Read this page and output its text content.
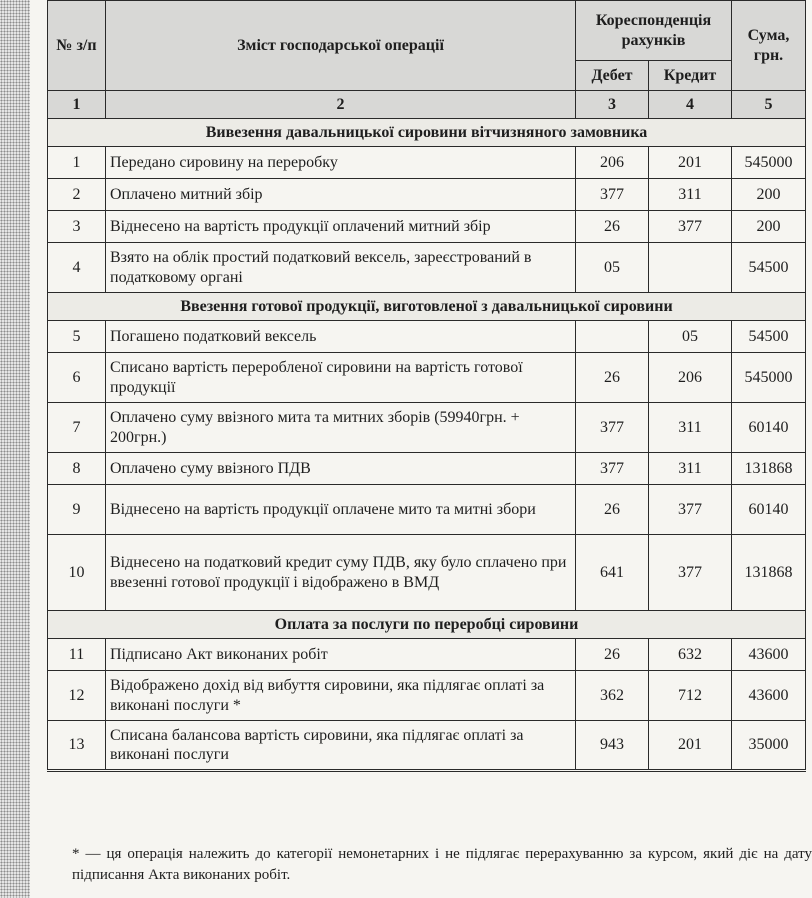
№ з/п	Зміст господарської операції	Кореспонденція рахунків		Сума, грн.
		Дебет	Кредит	
1	2	3	4	5
Вивезення давальницької сировини вітчизняного замовника				
1	Передано сировину на переробку	206	201	545000
2	Оплачено митний збір	377	311	200
3	Віднесено на вартість продукції оплачений митний збір	26	377	200
4	Взято на облік простий податковий вексель, зареєстрований в податковому органі	05		54500
Ввезення готової продукції, виготовленої з давальницької сировини				
5	Погашено податковий вексель		05	54500
6	Списано вартість переробленої сировини на вартість готової продукції	26	206	545000
7	Оплачено суму ввізного мита та митних зборів (59940грн. + 200грн.)	377	311	60140
8	Оплачено суму ввізного ПДВ	377	311	131868
9	Віднесено на вартість продукції оплачене мито та митні збори	26	377	60140
10	Віднесено на податковий кредит суму ПДВ, яку було сплачено при ввезенні готової продукції і відображено в ВМД	641	377	131868
Оплата за послуги по переробці сировини				
11	Підписано Акт виконаних робіт	26	632	43600
12	Відображено дохід від вибуття сировини, яка підлягає оплаті за виконані послуги *	362	712	43600
13	Списана балансова вартість сировини, яка підлягає оплаті за виконані послуги	943	201	35000
* — ця операція належить до категорії немонетарних і не підлягає перерахуванню за курсом, який діє на дату підписання Акта виконаних робіт.
